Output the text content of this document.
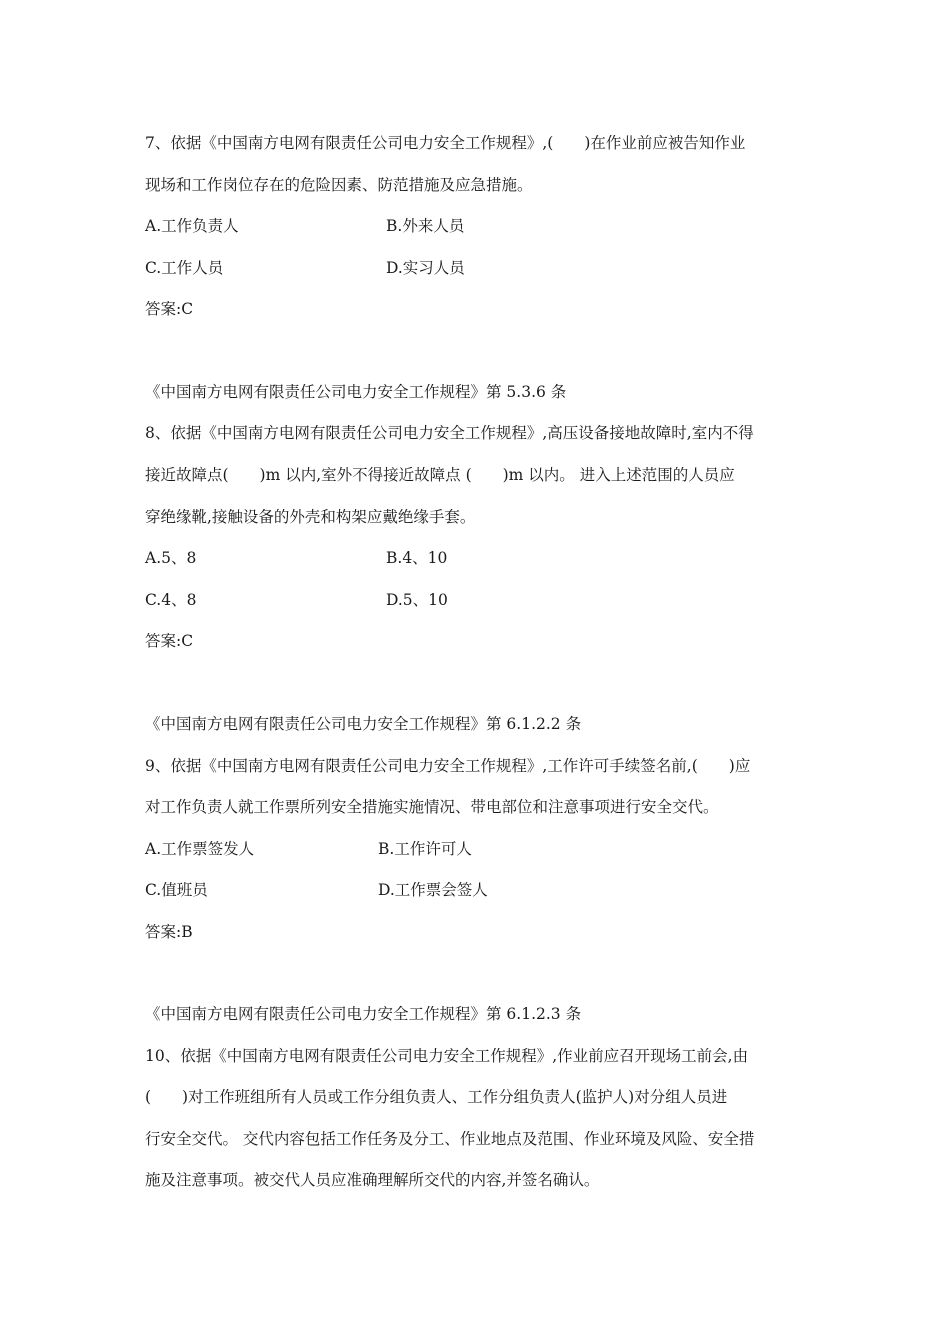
7、依据《中国南方电网有限责任公司电力安全工作规程》,(　　)在作业前应被告知作业
现场和工作岗位存在的危险因素、防范措施及应急措施。
A.工作负责人	B.外来人员
C.工作人员	D.实习人员
答案:C
《中国南方电网有限责任公司电力安全工作规程》第 5.3.6 条
8、依据《中国南方电网有限责任公司电力安全工作规程》,高压设备接地故障时,室内不得
接近故障点(　　)m 以内,室外不得接近故障点 (　　)m 以内。 进入上述范围的人员应
穿绝缘靴,接触设备的外壳和构架应戴绝缘手套。
A.5、8	B.4、10
C.4、8	D.5、10
答案:C
《中国南方电网有限责任公司电力安全工作规程》第 6.1.2.2 条
9、依据《中国南方电网有限责任公司电力安全工作规程》,工作许可手续签名前,(　　)应
对工作负责人就工作票所列安全措施实施情况、带电部位和注意事项进行安全交代。
A.工作票签发人	B.工作许可人
C.值班员	D.工作票会签人
答案:B
《中国南方电网有限责任公司电力安全工作规程》第 6.1.2.3 条
10、依据《中国南方电网有限责任公司电力安全工作规程》,作业前应召开现场工前会,由
(　　)对工作班组所有人员或工作分组负责人、工作分组负责人(监护人)对分组人员进
行安全交代。 交代内容包括工作任务及分工、作业地点及范围、作业环境及风险、安全措
施及注意事项。被交代人员应准确理解所交代的内容,并签名确认。
